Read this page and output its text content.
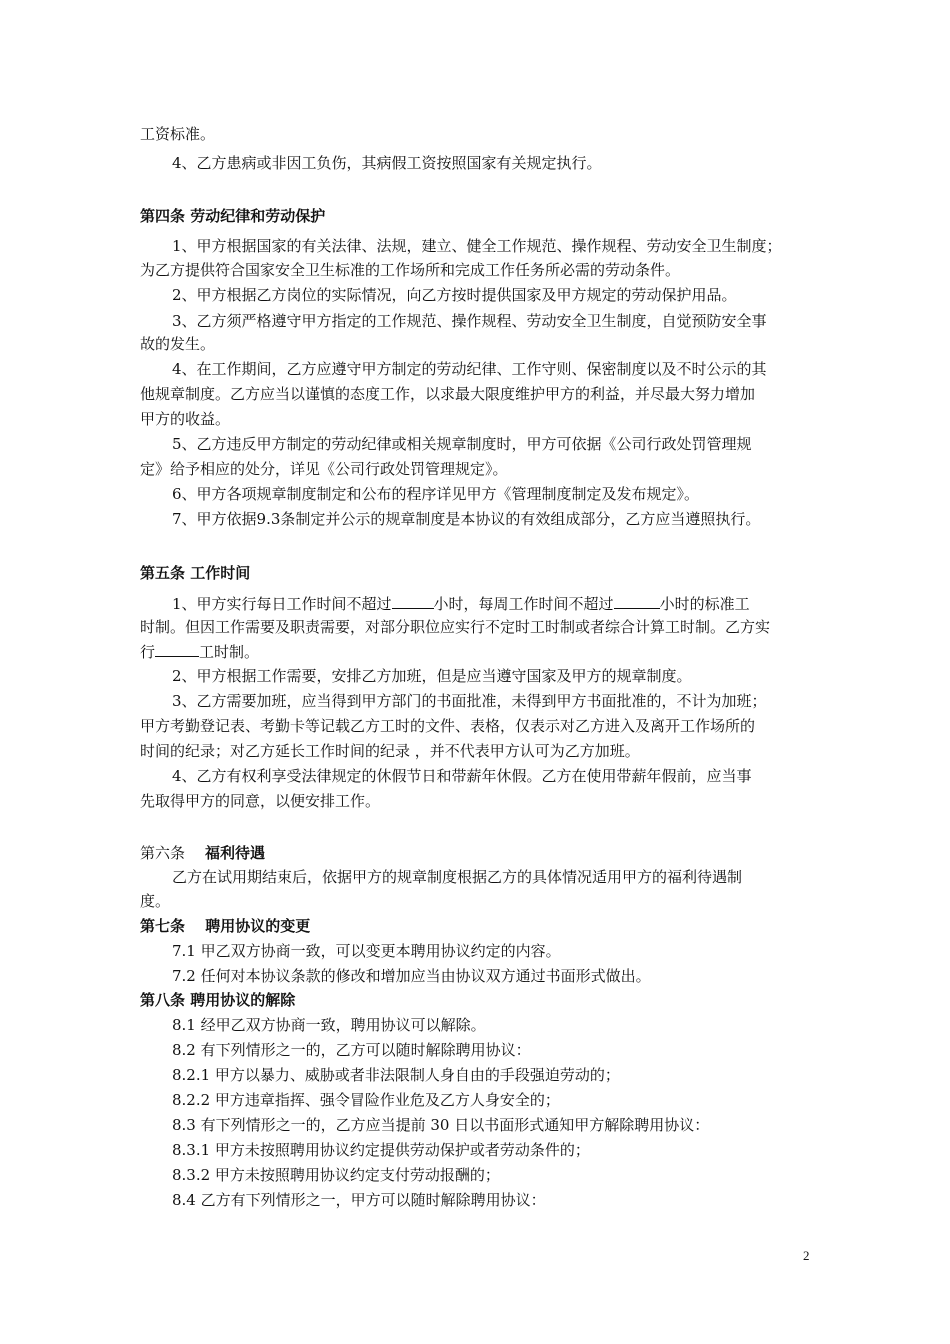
工资标准。
4、乙方患病或非因工负伤，其病假工资按照国家有关规定执行。
第四条 劳动纪律和劳动保护
1、甲方根据国家的有关法律、法规，建立、健全工作规范、操作规程、劳动安全卫生制度；
为乙方提供符合国家安全卫生标准的工作场所和完成工作任务所必需的劳动条件。
2、甲方根据乙方岗位的实际情况，向乙方按时提供国家及甲方规定的劳动保护用品。
3、乙方须严格遵守甲方指定的工作规范、操作规程、劳动安全卫生制度，自觉预防安全事
故的发生。
4、在工作期间，乙方应遵守甲方制定的劳动纪律、工作守则、保密制度以及不时公示的其
他规章制度。乙方应当以谨慎的态度工作，以求最大限度维护甲方的利益，并尽最大努力增加
甲方的收益。
5、乙方违反甲方制定的劳动纪律或相关规章制度时，甲方可依据《公司行政处罚管理规
定》给予相应的处分，详见《公司行政处罚管理规定》。
6、甲方各项规章制度制定和公布的程序详见甲方《管理制度制定及发布规定》。
7、甲方依据9.3条制定并公示的规章制度是本协议的有效组成部分，乙方应当遵照执行。
第五条 工作时间
1、甲方实行每日工作时间不超过	小时，每周工作时间不超过	小时的标准工
时制。但因工作需要及职责需要，对部分职位应实行不定时工时制或者综合计算工时制。乙方实
行	工时制。
2、甲方根据工作需要，安排乙方加班，但是应当遵守国家及甲方的规章制度。
3、乙方需要加班，应当得到甲方部门的书面批准，未得到甲方书面批准的，不计为加班；
甲方考勤登记表、考勤卡等记载乙方工时的文件、表格，仅表示对乙方进入及离开工作场所的
时间的纪录；对乙方延长工作时间的纪录 ，并不代表甲方认可为乙方加班。
4、乙方有权利享受法律规定的休假节日和带薪年休假。乙方在使用带薪年假前，应当事
先取得甲方的同意，以便安排工作。
第六条 福利待遇
乙方在试用期结束后，依据甲方的规章制度根据乙方的具体情况适用甲方的福利待遇制
度。
第七条　 聘用协议的变更
7.1 甲乙双方协商一致，可以变更本聘用协议约定的内容。
7.2 任何对本协议条款的修改和增加应当由协议双方通过书面形式做出。
第八条 聘用协议的解除
8.1 经甲乙双方协商一致，聘用协议可以解除。
8.2 有下列情形之一的，乙方可以随时解除聘用协议：
8.2.1 甲方以暴力、威胁或者非法限制人身自由的手段强迫劳动的；
8.2.2 甲方违章指挥、强令冒险作业危及乙方人身安全的；
8.3 有下列情形之一的，乙方应当提前 30 日以书面形式通知甲方解除聘用协议：
8.3.1 甲方未按照聘用协议约定提供劳动保护或者劳动条件的；
8.3.2 甲方未按照聘用协议约定支付劳动报酬的；
8.4 乙方有下列情形之一，甲方可以随时解除聘用协议：
2
